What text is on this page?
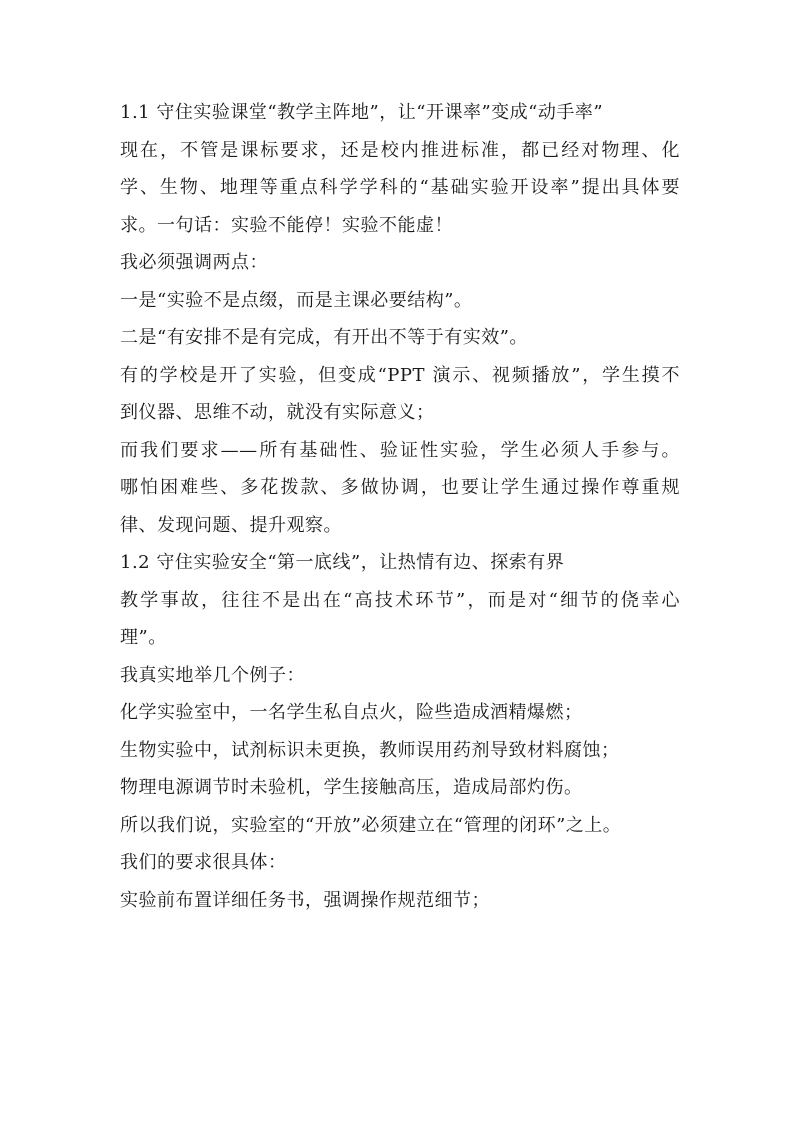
1.1 守住实验课堂“教学主阵地”，让“开课率”变成“动手率”
现在，不管是课标要求，还是校内推进标准，都已经对物理、化
学、生物、地理等重点科学学科的“基础实验开设率”提出具体要
求。一句话：实验不能停！实验不能虚！
我必须强调两点：
一是“实验不是点缀，而是主课必要结构”。
二是“有安排不是有完成，有开出不等于有实效”。
有的学校是开了实验，但变成“PPT 演示、视频播放”，学生摸不
到仪器、思维不动，就没有实际意义；
而我们要求——所有基础性、验证性实验，学生必须人手参与。
哪怕困难些、多花拨款、多做协调，也要让学生通过操作尊重规
律、发现问题、提升观察。
1.2 守住实验安全“第一底线”，让热情有边、探索有界
教学事故，往往不是出在“高技术环节”，而是对“细节的侥幸心
理”。
我真实地举几个例子：
化学实验室中，一名学生私自点火，险些造成酒精爆燃；
生物实验中，试剂标识未更换，教师误用药剂导致材料腐蚀；
物理电源调节时未验机，学生接触高压，造成局部灼伤。
所以我们说，实验室的“开放”必须建立在“管理的闭环”之上。
我们的要求很具体：
实验前布置详细任务书，强调操作规范细节；
